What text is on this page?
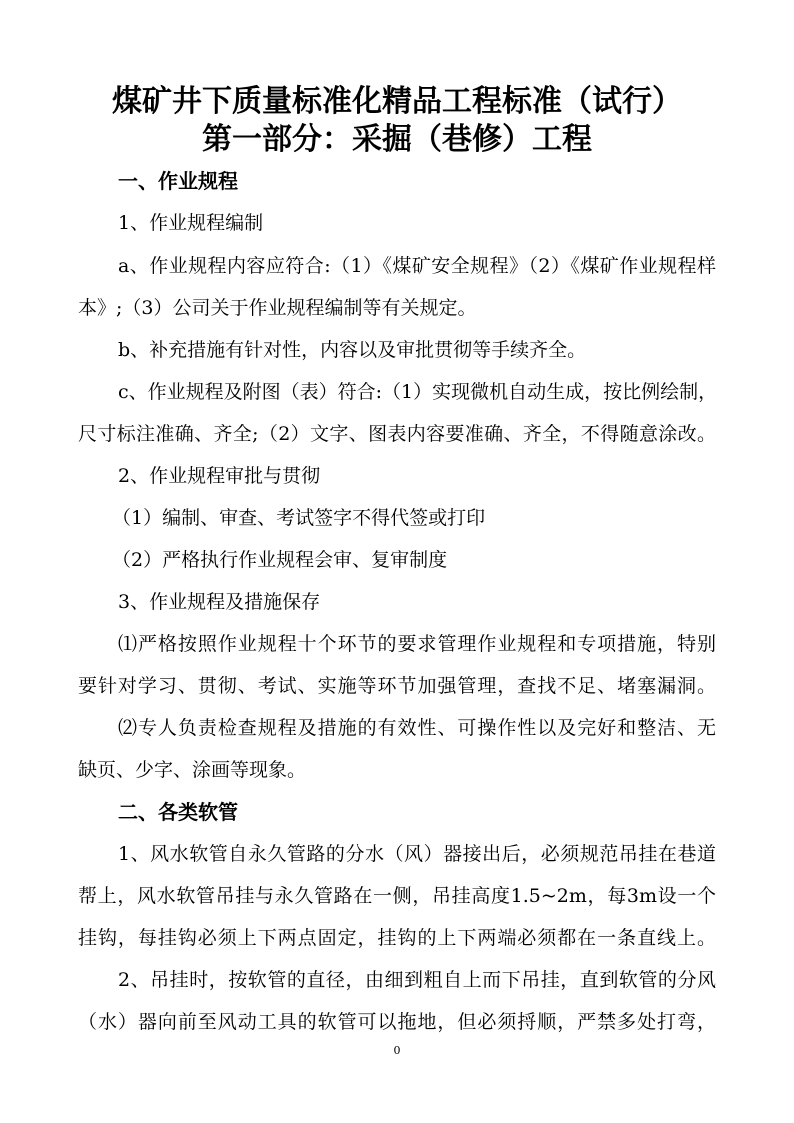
煤矿井下质量标准化精品工程标准（试行）
第一部分：采掘（巷修）工程
一、作业规程
1、作业规程编制
a、作业规程内容应符合:（1）《煤矿安全规程》（2）《煤矿作业规程样
本》;（3）公司关于作业规程编制等有关规定。
b、补充措施有针对性，内容以及审批贯彻等手续齐全。
c、作业规程及附图（表）符合:（1）实现微机自动生成，按比例绘制，
尺寸标注准确、齐全;（2）文字、图表内容要准确、齐全，不得随意涂改。
2、作业规程审批与贯彻
（1）编制、审查、考试签字不得代签或打印
（2）严格执行作业规程会审、复审制度
3、作业规程及措施保存
⑴严格按照作业规程十个环节的要求管理作业规程和专项措施，特别
要针对学习、贯彻、考试、实施等环节加强管理，查找不足、堵塞漏洞。
⑵专人负责检查规程及措施的有效性、可操作性以及完好和整洁、无
缺页、少字、涂画等现象。
二、各类软管
1、风水软管自永久管路的分水（风）器接出后，必须规范吊挂在巷道
帮上，风水软管吊挂与永久管路在一侧，吊挂高度1.5~2m，每3m设一个
挂钩，每挂钩必须上下两点固定，挂钩的上下两端必须都在一条直线上。
2、吊挂时，按软管的直径，由细到粗自上而下吊挂，直到软管的分风
（水）器向前至风动工具的软管可以拖地，但必须捋顺，严禁多处打弯，
0
